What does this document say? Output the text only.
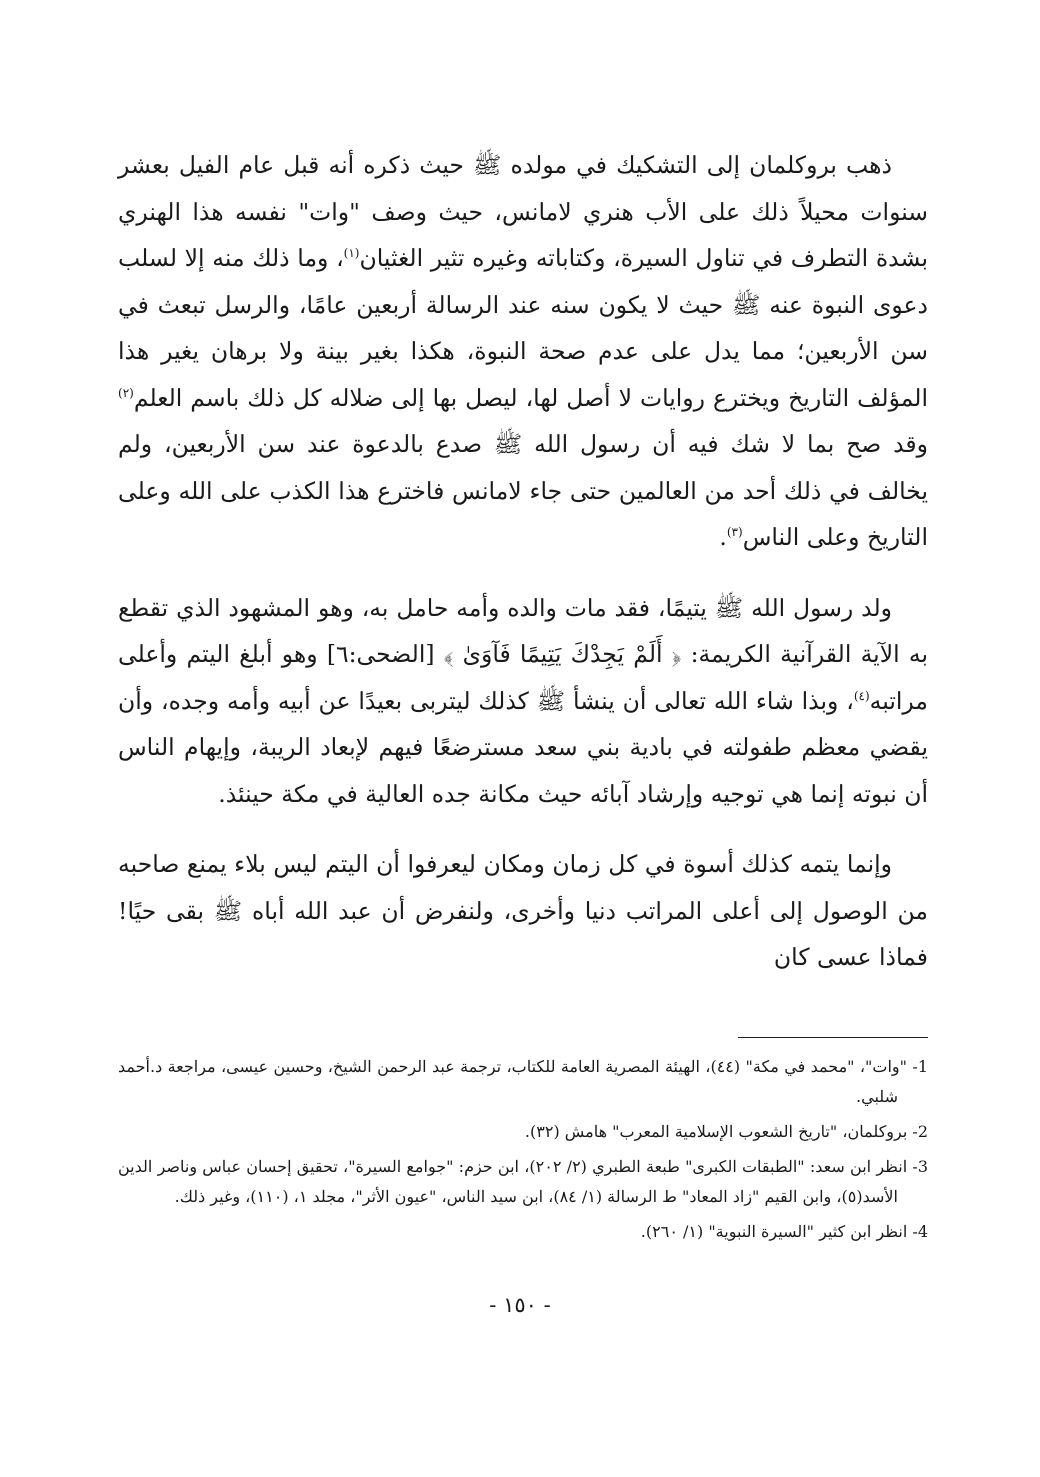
ذهب بروكلمان إلى التشكيك في مولده ﷺ حيث ذكره أنه قبل عام الفيل بعشر سنوات محيلاً ذلك على الأب هنري لامانس، حيث وصف "وات" نفسه هذا الهنري بشدة التطرف في تناول السيرة، وكتاباته وغيره تثير الغثيان$^{(١)}$، وما ذلك منه إلا لسلب دعوى النبوة عنه ﷺ حيث لا يكون سنه عند الرسالة أربعين عامًا، والرسل تبعث في سن الأربعين؛ مما يدل على عدم صحة النبوة، هكذا بغير بينة ولا برهان يغير هذا المؤلف التاريخ ويخترع روايات لا أصل لها، ليصل بها إلى ضلاله كل ذلك باسم العلم$^{(٢)}$ وقد صح بما لا شك فيه أن رسول الله ﷺ صدع بالدعوة عند سن الأربعين، ولم يخالف في ذلك أحد من العالمين حتى جاء لامانس فاخترع هذا الكذب على الله وعلى التاريخ وعلى الناس$^{(٣)}$.

ولد رسول الله ﷺ يتيمًا، فقد مات والده وأمه حامل به، وهو المشهود الذي تقطع به الآية القرآنية الكريمة: ﴿ أَلَمْ يَجِدْكَ يَتِيمًا فَآوَىٰ ﴾ [الضحى:٦] وهو أبلغ اليتم وأعلى مراتبه$^{(٤)}$، وبذا شاء الله تعالى أن ينشأ ﷺ كذلك ليتربى بعيدًا عن أبيه وأمه وجده، وأن يقضي معظم طفولته في بادية بني سعد مسترضعًا فيهم لإبعاد الريبة، وإيهام الناس أن نبوته إنما هي توجيه وإرشاد آبائه حيث مكانة جده العالية في مكة حينئذ.

وإنما يتمه كذلك أسوة في كل زمان ومكان ليعرفوا أن اليتم ليس بلاء يمنع صاحبه من الوصول إلى أعلى المراتب دنيا وأخرى، ولنفرض أن عبد الله أباه ﷺ بقى حيًا! فماذا عسى كان

1- "وات"، "محمد في مكة" (٤٤)، الهيئة المصرية العامة للكتاب، ترجمة عبد الرحمن الشيخ، وحسين عيسى، مراجعة د.أحمد شلبي.

2- بروكلمان، "تاريخ الشعوب الإسلامية المعرب" هامش (٣٢).

3- انظر ابن سعد: "الطبقات الكبرى" طبعة الطبري (٢/ ٢٠٢)، ابن حزم: "جوامع السيرة"، تحقيق إحسان عباس وناصر الدين الأسد(٥)، وابن القيم "زاد المعاد" ط الرسالة (١/ ٨٤)، ابن سيد الناس، "عيون الأثر"، مجلد ١، (١١٠)، وغير ذلك.

4- انظر ابن كثير "السيرة النبوية" (١/ ٢٦٠).

- ١٥٠ -
